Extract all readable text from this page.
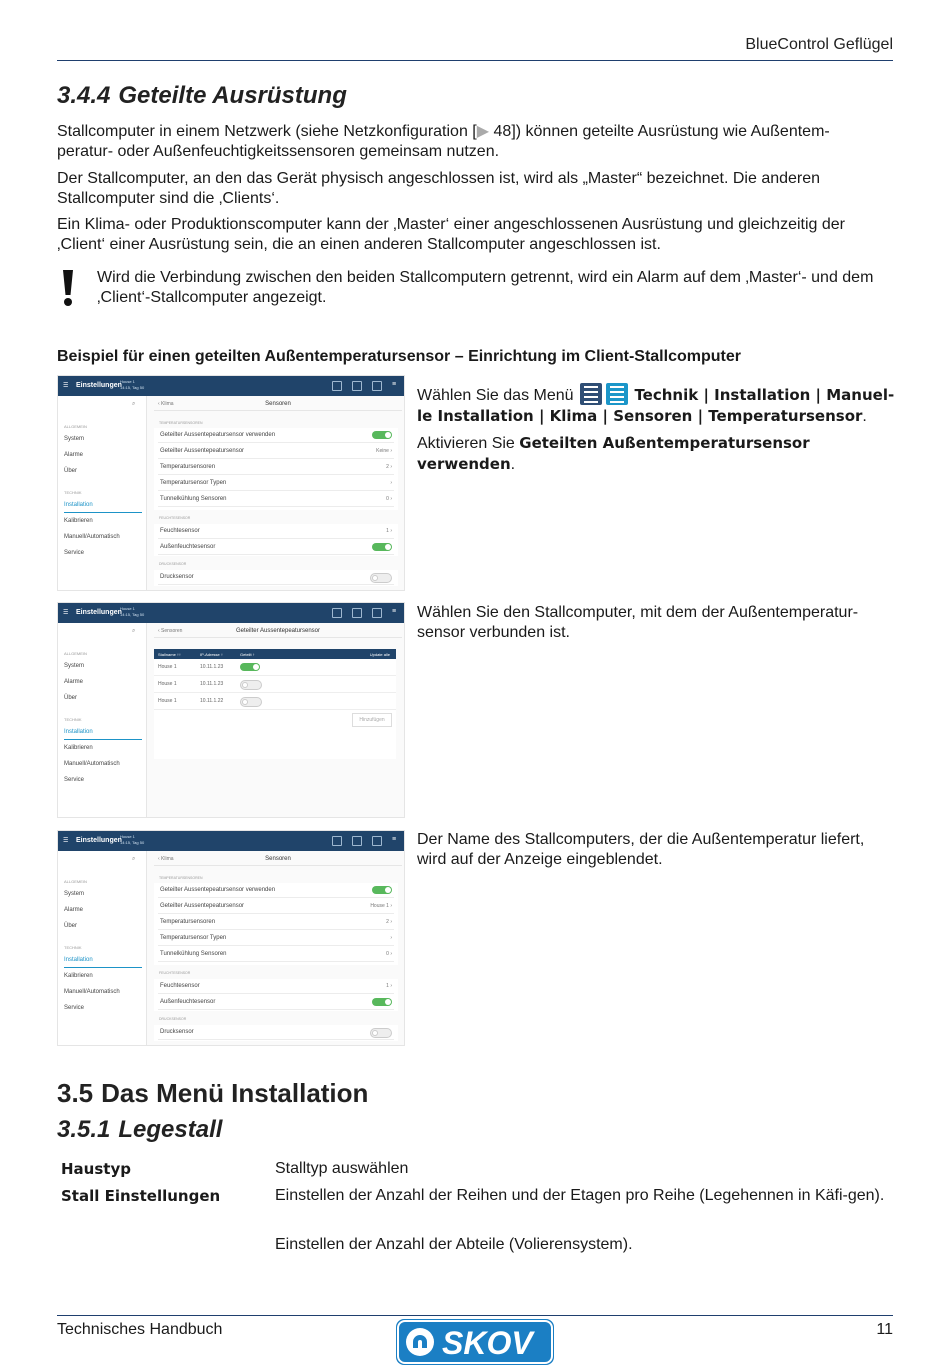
BlueControl Geflügel
3.4.4 Geteilte Ausrüstung

Stallcomputer in einem Netzwerk (siehe Netzkonfiguration [▶ 48]) können geteilte Ausrüstung wie Außentem-
peratur- oder Außenfeuchtigkeitssensoren gemeinsam nutzen.

Der Stallcomputer, an den das Gerät physisch angeschlossen ist, wird als „Master“ bezeichnet. Die anderen Stallcomputer sind die ‚Clients‘.

Ein Klima- oder Produktionscomputer kann der ‚Master‘ einer angeschlossenen Ausrüstung und gleichzeitig der ‚Client‘ einer Ausrüstung sein, die an einen anderen Stallcomputer angeschlossen ist.

Wird die Verbindung zwischen den beiden Stallcomputern getrennt, wird ein Alarm auf dem ‚Master‘- und dem ‚Client‘-Stallcomputer angezeigt.

Beispiel für einen geteilten Außentemperatursensor – Einrichtung im Client-Stallcomputer
☰ Einstellungen
House 1
14:15, Tag 50	≡
⌕
ALLGEMEIN
System
Alarme
Über
TECHNIK
Installation
Kalibrieren
Manuell/Automatisch
Service
‹ Klima	Sensoren
TEMPERATURSENSOREN
Geteilter Aussentepeatursensor verwenden
Geteilter Aussentepeatursensor	Keine ›
Temperatursensoren	2 ›
Temperatursensor Typen	›
Tunnelkühlung Sensoren	0 ›
FEUCHTESENSOR
Feuchtesensor	1 ›
Außenfeuchtesensor
DRUCKSENSOR
Drucksensor
☰ Einstellungen
House 1
14:15, Tag 50	≡
⌕
ALLGEMEIN
System
Alarme
Über
TECHNIK
Installation
Kalibrieren
Manuell/Automatisch
Service
‹ Sensoren	Geteilter Aussentepeatursensor
Stallname ↑↑	IP-Adresse ↑	Geteilt ↑	Update alle
House 1	10.11.1.23
House 1	10.11.1.23
House 1	10.11.1.22
Hinzufügen
☰ Einstellungen
House 1
14:15, Tag 50	≡
⌕
ALLGEMEIN
System
Alarme
Über
TECHNIK
Installation
Kalibrieren
Manuell/Automatisch
Service
‹ Klima	Sensoren
TEMPERATURSENSOREN
Geteilter Aussentepeatursensor verwenden
Geteilter Aussentepeatursensor	House 1 ›
Temperatursensoren	2 ›
Temperatursensor Typen	›
Tunnelkühlung Sensoren	0 ›
FEUCHTESENSOR
Feuchtesensor	1 ›
Außenfeuchtesensor
DRUCKSENSOR
Drucksensor
Wählen Sie das Menü	Technik | Installation | Manuel-le Installation | Klima | Sensoren | Temperatursensor.
Aktivieren Sie Geteilten Außentemperatursensor verwenden.
Wählen Sie den Stallcomputer, mit dem der Außentemperatur-sensor verbunden ist.
Der Name des Stallcomputers, der die Außentemperatur liefert, wird auf der Anzeige eingeblendet.
3.5 Das Menü Installation
3.5.1 Legestall
Haustyp	Stalltyp auswählen
Stall Einstellungen	Einstellen der Anzahl der Reihen und der Etagen pro Reihe (Legehennen in Käfi-gen).
Einstellen der Anzahl der Abteile (Volierensystem).
Technisches Handbuch	11
SKOV
